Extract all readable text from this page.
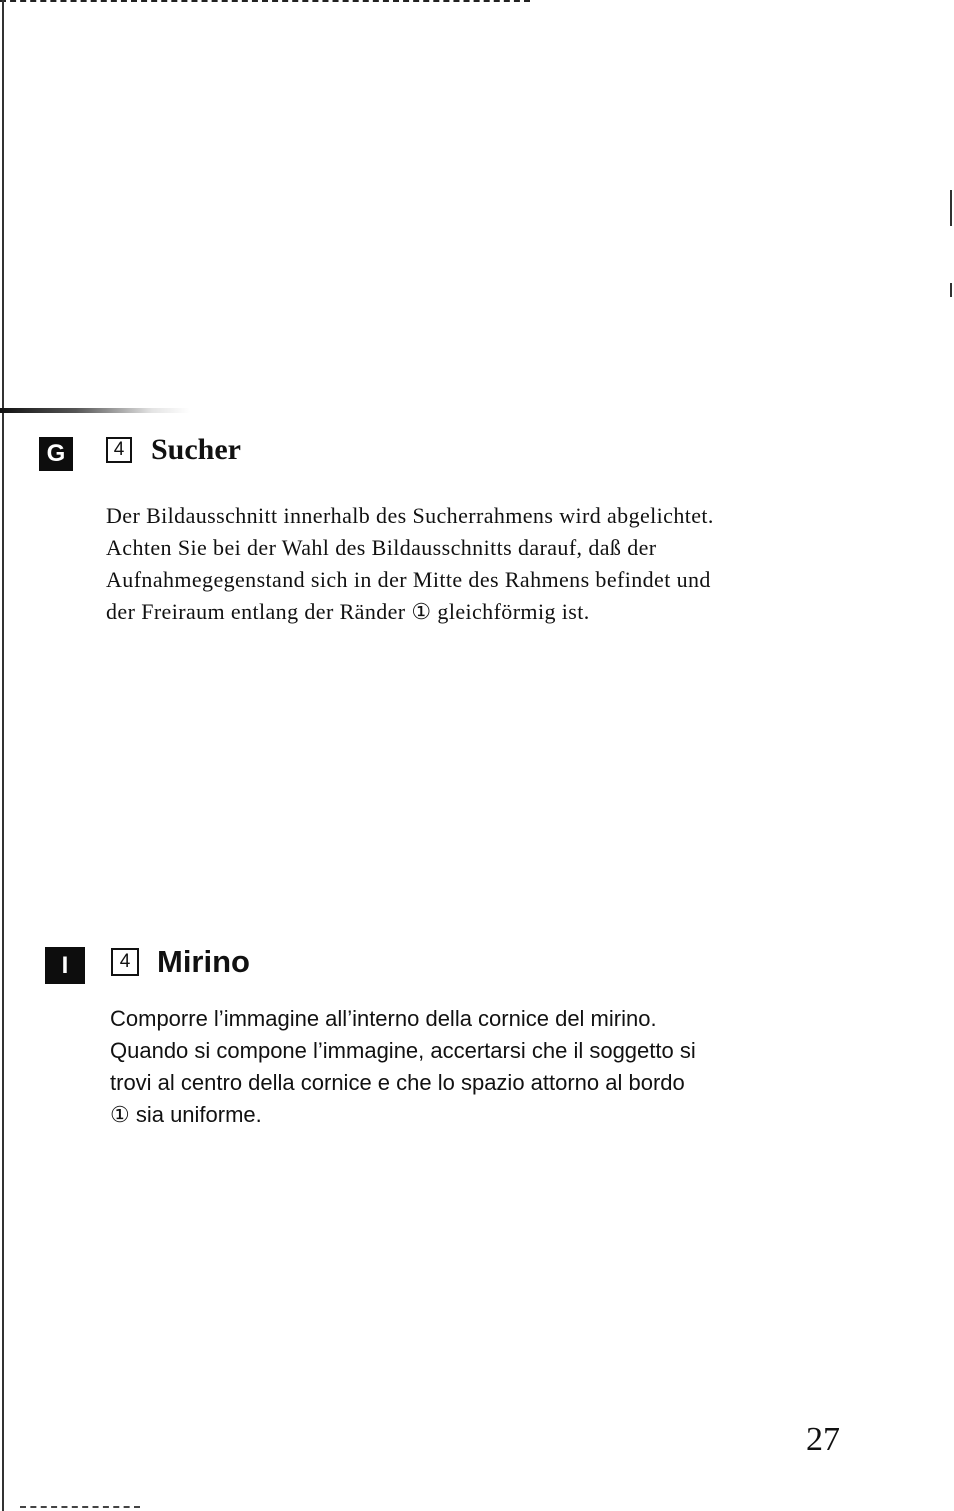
G	4 Sucher

Der Bildausschnitt innerhalb des Sucherrahmens wird abgelichtet.

Achten Sie bei der Wahl des Bildausschnitts darauf, daß der

Aufnahmegegenstand sich in der Mitte des Rahmens befindet und

der Freiraum entlang der Ränder ① gleichförmig ist.

I	4 Mirino

Comporre l’immagine all’interno della cornice del mirino.

Quando si compone l’immagine, accertarsi che il soggetto si

trovi al centro della cornice e che lo spazio attorno al bordo

① sia uniforme.

27
